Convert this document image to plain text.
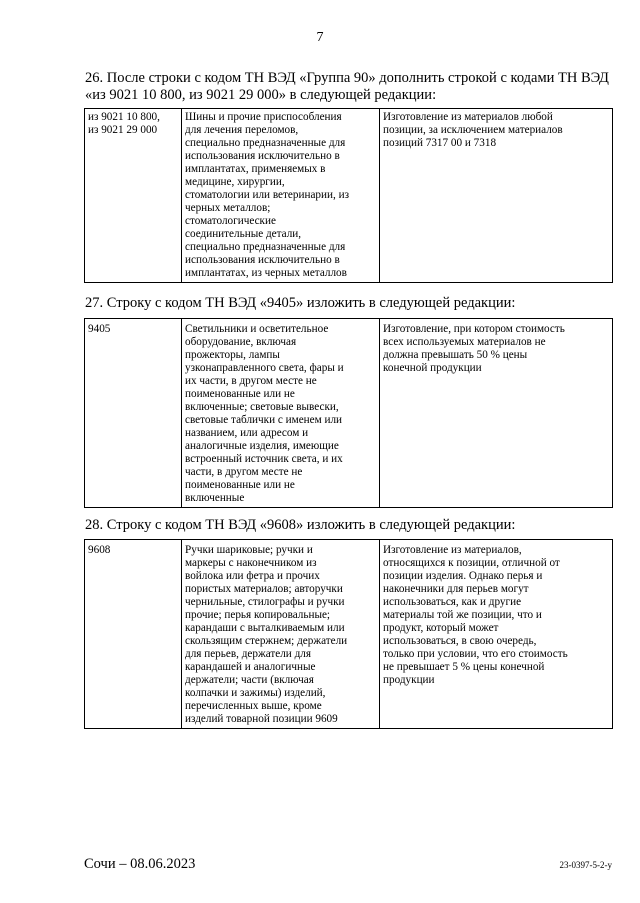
7

26. После строки с кодом ТН ВЭД «Группа 90» дополнить строкой с кодами ТН ВЭД «из 9021 10 800, из 9021 29 000» в следующей редакции:

из 9021 10 800,
из 9021 29 000	Шины и прочие приспособления
для лечения переломов,
специально предназначенные для
использования исключительно в
имплантатах, применяемых в
медицине, хирургии,
стоматологии или ветеринарии, из
черных металлов;
стоматологические
соединительные детали,
специально предназначенные для
использования исключительно в
имплантатах, из черных металлов	Изготовление из материалов любой
позиции, за исключением материалов
позиций 7317 00 и 7318

27. Строку с кодом ТН ВЭД «9405» изложить в следующей редакции:

9405	Светильники и осветительное
оборудование, включая
прожекторы, лампы
узконаправленного света, фары и
их части, в другом месте не
поименованные или не
включенные; световые вывески,
световые таблички с именем или
названием, или адресом и
аналогичные изделия, имеющие
встроенный источник света, и их
части, в другом месте не
поименованные или не
включенные	Изготовление, при котором стоимость
всех используемых материалов не
должна превышать 50 % цены
конечной продукции

28. Строку с кодом ТН ВЭД «9608» изложить в следующей редакции:

9608	Ручки шариковые; ручки и
маркеры с наконечником из
войлока или фетра и прочих
пористых материалов; авторучки
чернильные, стилографы и ручки
прочие; перья копировальные;
карандаши с выталкиваемым или
скользящим стержнем; держатели
для перьев, держатели для
карандашей и аналогичные
держатели; части (включая
колпачки и зажимы) изделий,
перечисленных выше, кроме
изделий товарной позиции 9609	Изготовление из материалов,
относящихся к позиции, отличной от
позиции изделия. Однако перья и
наконечники для перьев могут
использоваться, как и другие
материалы той же позиции, что и
продукт, который может
использоваться, в свою очередь,
только при условии, что его стоимость
не превышает 5 % цены конечной
продукции
Сочи – 08.06.2023	23-0397-5-2-у
